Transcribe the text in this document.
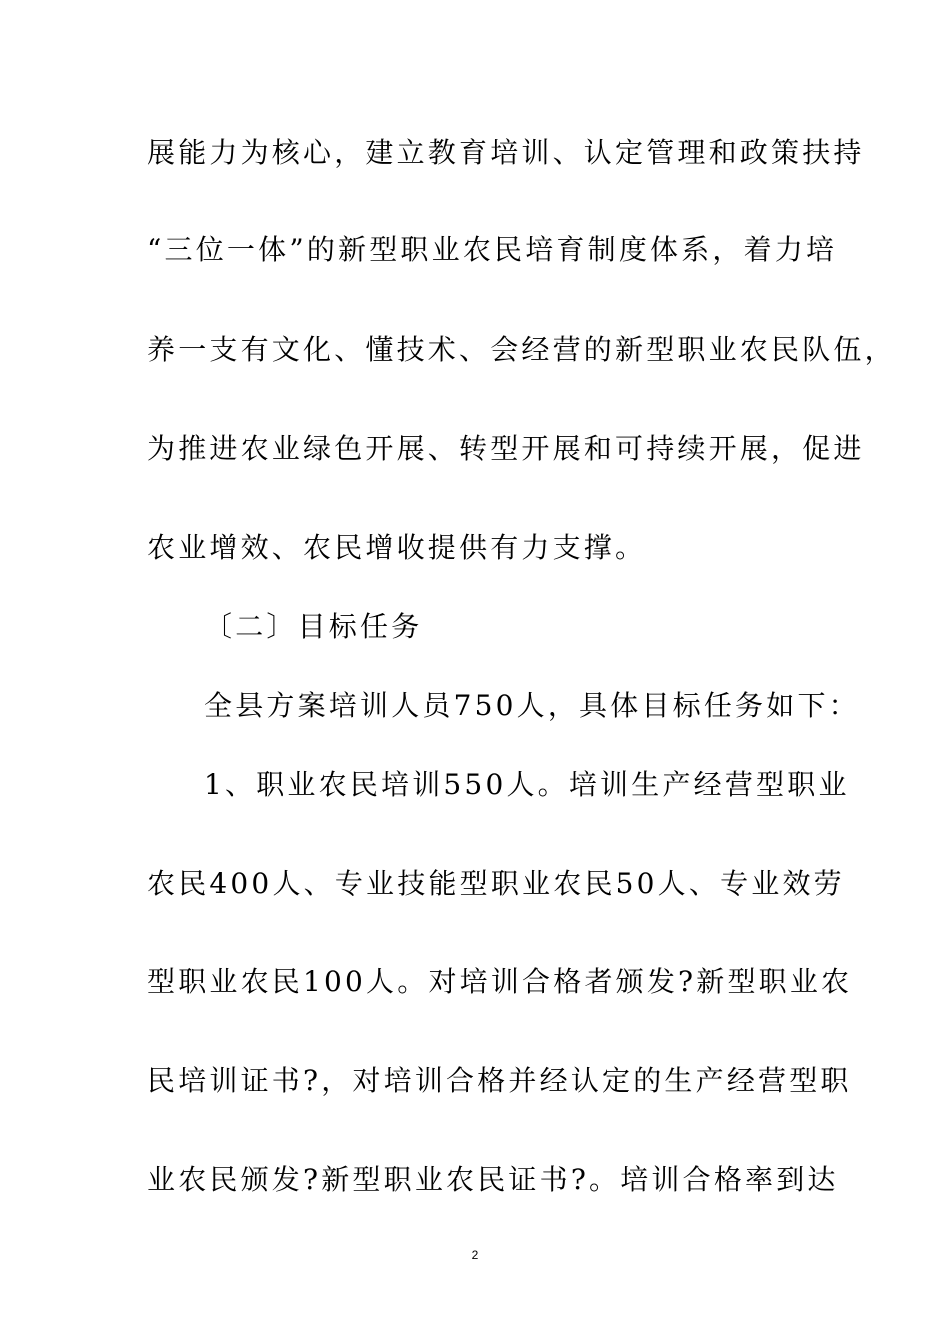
展能力为核心，建立教育培训、认定管理和政策扶持
“三位一体”的新型职业农民培育制度体系，着力培
养一支有文化、懂技术、会经营的新型职业农民队伍，
为推进农业绿色开展、转型开展和可持续开展，促进
农业增效、农民增收提供有力支撑。
〔二〕目标任务
全县方案培训人员750人，具体目标任务如下：
1、职业农民培训550人。培训生产经营型职业
农民400人、专业技能型职业农民50人、专业效劳
型职业农民100人。对培训合格者颁发?新型职业农
民培训证书?，对培训合格并经认定的生产经营型职
业农民颁发?新型职业农民证书?。培训合格率到达
2
